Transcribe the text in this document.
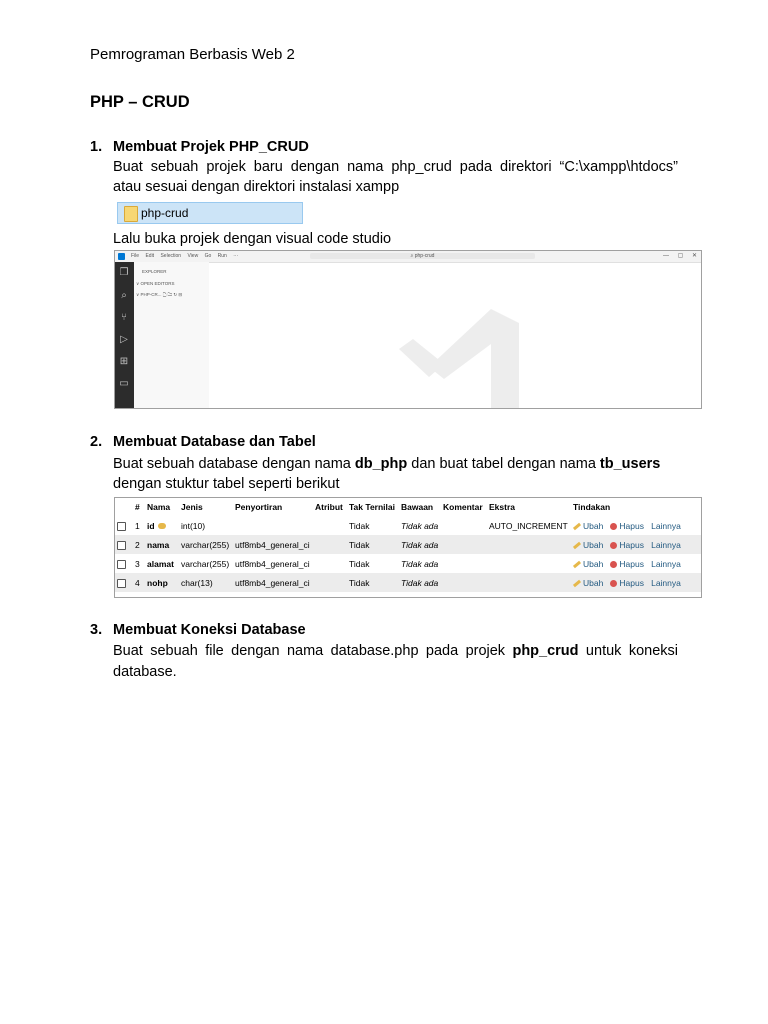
Pemrograman Berbasis Web 2
PHP – CRUD
1. Membuat Projek PHP_CRUD
Buat sebuah projek baru dengan nama php_crud pada direktori “C:\xampp\htdocs”
atau sesuai dengan direktori instalasi xampp
php-crud
Lalu buka projek dengan visual code studio
File Edit Selection View Go Run ···	⌕ php-crud	— ▢ ✕
❐
⌕
⑂
▷
⊞
▭
EXPLORER
∨ OPEN EDITORS
∨ PHP-CR... 🗋 🗀 ↻ ⊟
2. Membuat Database dan Tabel
Buat sebuah database dengan nama db_php dan buat tabel dengan nama tb_users
dengan stuktur tabel seperti berikut
	#	Nama	Jenis	Penyortiran	Atribut	Tak Ternilai	Bawaan	Komentar	Ekstra	Tindakan
	1	id	int(10)			Tidak	Tidak ada		AUTO_INCREMENT	Ubah Hapus Lainnya
	2	nama	varchar(255)	utf8mb4_general_ci		Tidak	Tidak ada			Ubah Hapus Lainnya
	3	alamat	varchar(255)	utf8mb4_general_ci		Tidak	Tidak ada			Ubah Hapus Lainnya
	4	nohp	char(13)	utf8mb4_general_ci		Tidak	Tidak ada			Ubah Hapus Lainnya
3. Membuat Koneksi Database
Buat sebuah file dengan nama database.php pada projek php_crud untuk koneksi
database.
